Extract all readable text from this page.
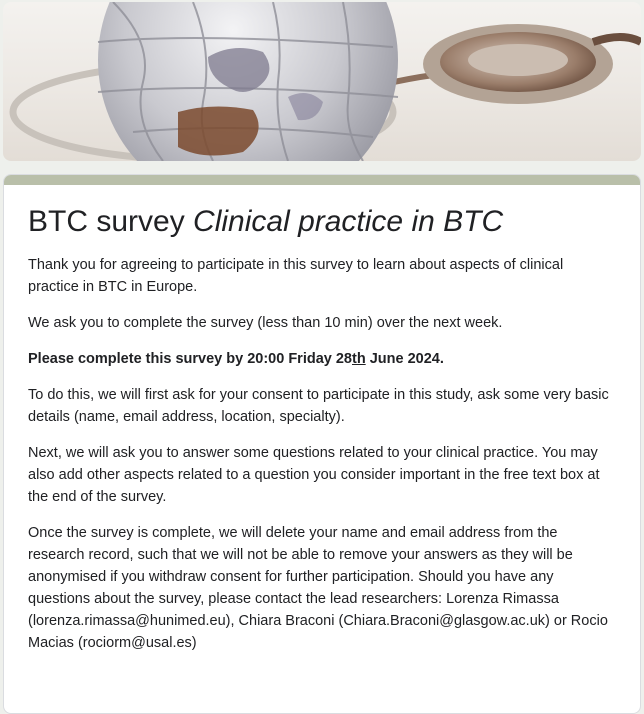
BTC survey Clinical practice in BTC

Thank you for agreeing to participate in this survey to learn about aspects of clinical practice in BTC in Europe.

We ask you to complete the survey (less than 10 min) over the next week.

Please complete this survey by 20:00 Friday 28th June 2024.

To do this, we will first ask for your consent to participate in this study, ask some very basic details (name, email address, location, specialty).

Next, we will ask you to answer some questions related to your clinical practice. You may also add other aspects related to a question you consider important in the free text box at the end of the survey.

Once the survey is complete, we will delete your name and email address from the research record, such that we will not be able to remove your answers as they will be anonymised if you withdraw consent for further participation. Should you have any questions about the survey, please contact the lead researchers: Lorenza Rimassa (lorenza.rimassa@hunimed.eu), Chiara Braconi (Chiara.Braconi@glasgow.ac.uk) or Rocio Macias (rociorm@usal.es)
